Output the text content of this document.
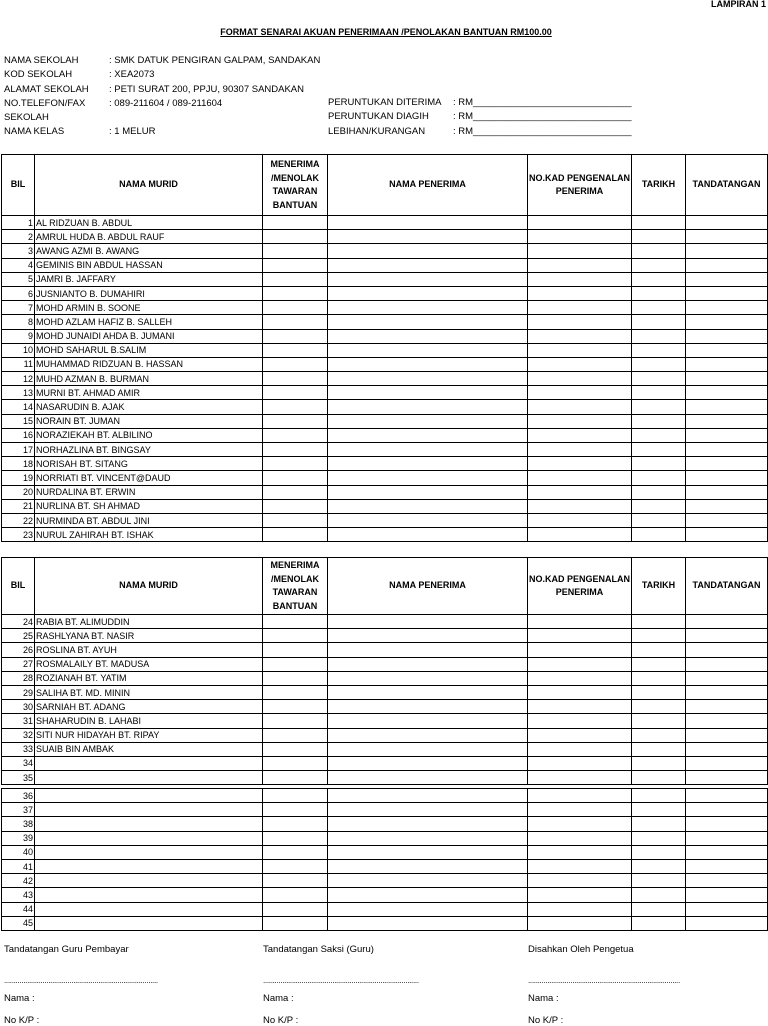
LAMPIRAN 1
FORMAT SENARAI AKUAN PENERIMAAN /PENOLAKAN BANTUAN RM100.00
NAMA SEKOLAH	: SMK DATUK PENGIRAN GALPAM, SANDAKAN
KOD SEKOLAH	: XEA2073
ALAMAT SEKOLAH : PETI SURAT 200, PPJU, 90307 SANDAKAN
NO.TELEFON/FAX : 089-211604 / 089-211604
SEKOLAH
NAMA KELAS	: 1 MELUR
PERUNTUKAN DITERIMA : RM______________________________
PERUNTUKAN DIAGIH	: RM______________________________
LEBIHAN/KURANGAN	: RM______________________________
BIL	NAMA MURID	MENERIMA /MENOLAK TAWARAN BANTUAN	NAMA PENERIMA	NO.KAD PENGENALAN PENERIMA	TARIKH	TANDATANGAN
1	AL RIDZUAN B. ABDUL					
2	AMRUL HUDA B. ABDUL RAUF					
3	AWANG AZMI B. AWANG					
4	GEMINIS BIN ABDUL HASSAN					
5	JAMRI B. JAFFARY					
6	JUSNIANTO B. DUMAHIRI					
7	MOHD ARMIN B. SOONE					
8	MOHD AZLAM HAFIZ B. SALLEH					
9	MOHD JUNAIDI AHDA B. JUMANI					
10	MOHD SAHARUL B.SALIM					
11	MUHAMMAD RIDZUAN B. HASSAN					
12	MUHD AZMAN B. BURMAN					
13	MURNI BT. AHMAD AMIR					
14	NASARUDIN B. AJAK					
15	NORAIN BT. JUMAN					
16	NORAZIEKAH BT. ALBILINO					
17	NORHAZLINA BT. BINGSAY					
18	NORISAH BT. SITANG					
19	NORRIATI BT. VINCENT@DAUD					
20	NURDALINA BT. ERWIN					
21	NURLINA BT. SH AHMAD					
22	NURMINDA BT. ABDUL JINI					
23	NURUL ZAHIRAH BT. ISHAK					
BIL	NAMA MURID	MENERIMA /MENOLAK TAWARAN BANTUAN	NAMA PENERIMA	NO.KAD PENGENALAN PENERIMA	TARIKH	TANDATANGAN
24	RABIA BT. ALIMUDDIN					
25	RASHLYANA BT. NASIR					
26	ROSLINA BT. AYUH					
27	ROSMALAILY BT. MADUSA					
28	ROZIANAH BT. YATIM					
29	SALIHA BT. MD. MININ					
30	SARNIAH BT. ADANG					
31	SHAHARUDIN B. LAHABI					
32	SITI NUR HIDAYAH BT. RIPAY					
33	SUAIB BIN AMBAK					
34						
35						
36						
37						
38						
39						
40						
41						
42						
43						
44						
45						
Tandatangan Guru Pembayar
................................................................................
Nama :
No K/P :
Tandatangan Saksi (Guru)
.................................................................................
Nama :
No K/P :
Disahkan Oleh Pengetua
...............................................................................
Nama :
No K/P :
